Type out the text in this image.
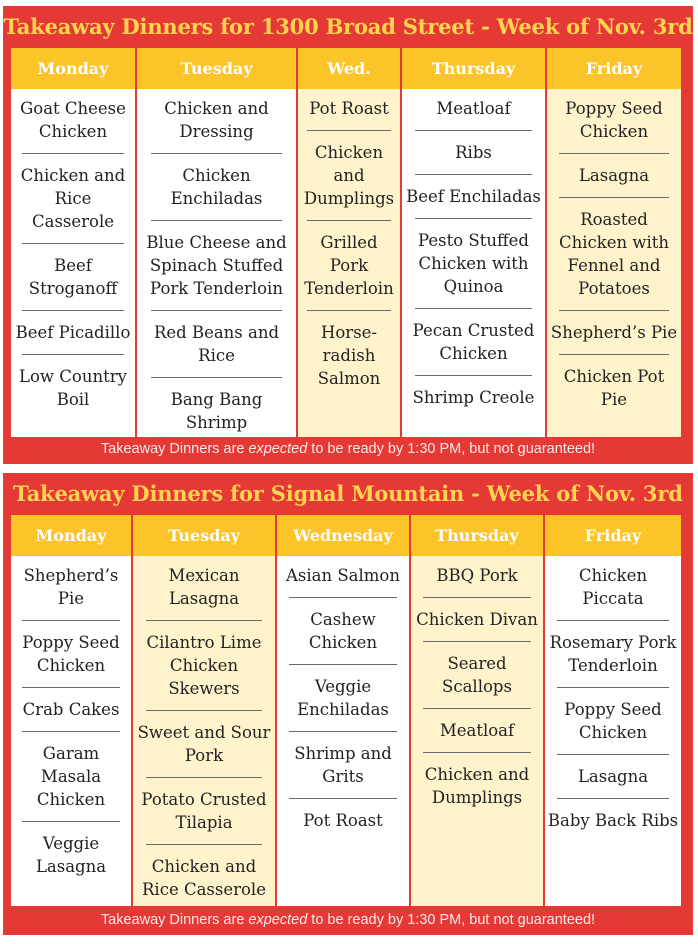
Takeaway Dinners for 1300 Broad Street - Week of Nov. 3rd
Monday
Goat Cheese Chicken
Chicken and Rice Casserole
Beef Stroganoff
Beef Picadillo
Low Country Boil
Tuesday
Chicken and Dressing
Chicken Enchiladas
Blue Cheese and Spinach Stuffed Pork Tenderloin
Red Beans and Rice
Bang Bang Shrimp
Wed.
Pot Roast
Chicken and Dumplings
Grilled Pork Tenderloin
Horse-radish Salmon
Thursday
Meatloaf
Ribs
Beef Enchiladas
Pesto Stuffed Chicken with Quinoa
Pecan Crusted Chicken
Shrimp Creole
Friday
Poppy Seed Chicken
Lasagna
Roasted Chicken with Fennel and Potatoes
Shepherd’s Pie
Chicken Pot Pie
Takeaway Dinners are expected to be ready by 1:30 PM, but not guaranteed!
Takeaway Dinners for Signal Mountain - Week of Nov. 3rd
Monday
Shepherd’s Pie
Poppy Seed Chicken
Crab Cakes
Garam Masala Chicken
Veggie Lasagna
Tuesday
Mexican Lasagna
Cilantro Lime Chicken Skewers
Sweet and Sour Pork
Potato Crusted Tilapia
Chicken and Rice Casserole
Wednesday
Asian Salmon
Cashew Chicken
Veggie Enchiladas
Shrimp and Grits
Pot Roast
Thursday
BBQ Pork
Chicken Divan
Seared Scallops
Meatloaf
Chicken and Dumplings
Friday
Chicken Piccata
Rosemary Pork Tenderloin
Poppy Seed Chicken
Lasagna
Baby Back Ribs
Takeaway Dinners are expected to be ready by 1:30 PM, but not guaranteed!
